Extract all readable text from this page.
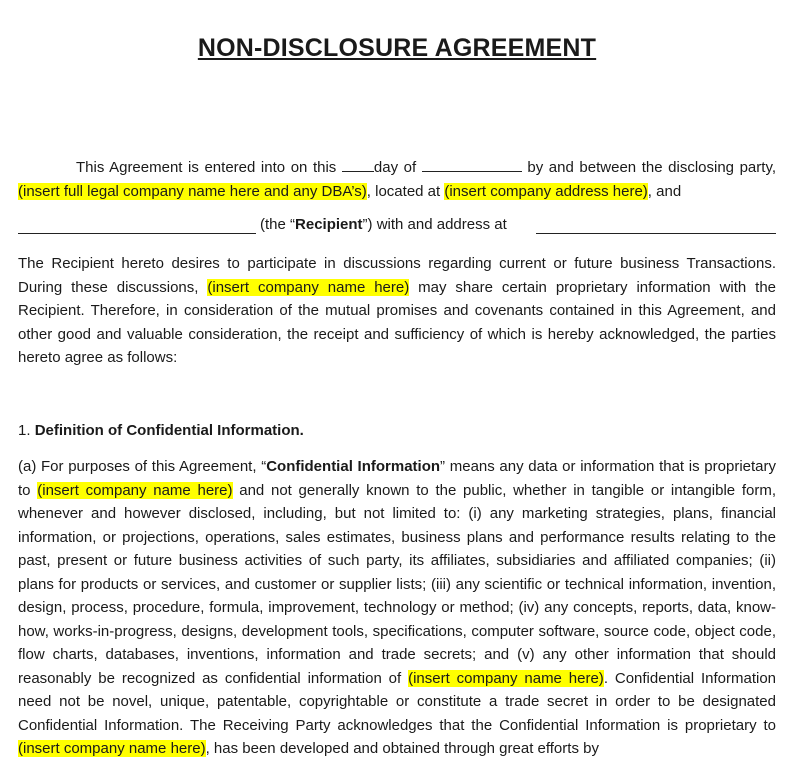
NON-DISCLOSURE AGREEMENT
This Agreement is entered into on this	day of	by and between the disclosing party, (insert full legal company name here and any DBA’s), located at (insert company address here), and
(the “Recipient”) with and address at
The Recipient hereto desires to participate in discussions regarding current or future business Transactions. During these discussions, (insert company name here) may share certain proprietary information with the Recipient. Therefore, in consideration of the mutual promises and covenants contained in this Agreement, and other good and valuable consideration, the receipt and sufficiency of which is hereby acknowledged, the parties hereto agree as follows:
1. Definition of Confidential Information.
(a) For purposes of this Agreement, “Confidential Information” means any data or information that is proprietary to (insert company name here) and not generally known to the public, whether in tangible or intangible form, whenever and however disclosed, including, but not limited to: (i) any marketing strategies, plans, financial information, or projections, operations, sales estimates, business plans and performance results relating to the past, present or future business activities of such party, its affiliates, subsidiaries and affiliated companies; (ii) plans for products or services, and customer or supplier lists; (iii) any scientific or technical information, invention, design, process, procedure, formula, improvement, technology or method; (iv) any concepts, reports, data, know-how, works-in-progress, designs, development tools, specifications, computer software, source code, object code, flow charts, databases, inventions, information and trade secrets; and (v) any other information that should reasonably be recognized as confidential information of (insert company name here). Confidential Information need not be novel, unique, patentable, copyrightable or constitute a trade secret in order to be designated Confidential Information. The Receiving Party acknowledges that the Confidential Information is proprietary to (insert company name here), has been developed and obtained through great efforts by
